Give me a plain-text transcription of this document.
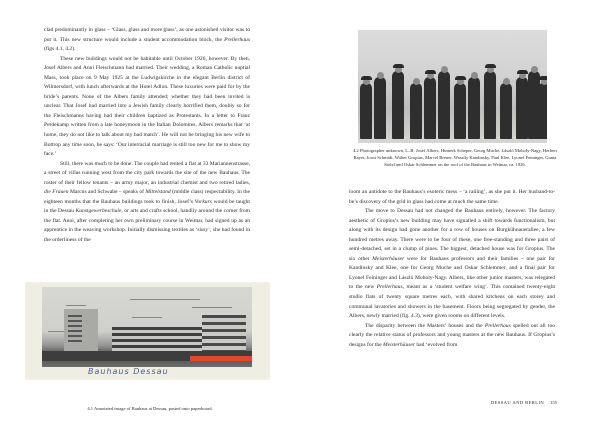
clad predominantly in glass – ‘Glass, glass and more glass’, as one astonished visitor was to put it. This new structure would include a student accommodation block, the Prellerhaus (figs 4.1, 4.2).

These new buildings would not be habitable until October 1926, however. By then, Josef Albers and Anni Fleischmann had married. Their wedding, a Roman Catholic nuptial Mass, took place on 9 May 1925 at the Ludwigskirche in the elegant Berlin district of Wilmersdorf, with lunch afterwards at the Hotel Adlon. These luxuries were paid for by the bride’s parents. None of the Albers family attended; whether they had been invited is unclear. That Josef had married into a Jewish family clearly horrified them, doubly so for the Fleischmanns having had their children baptized as Protestants. In a letter to Franz Perdekamp written from a late honeymoon in the Italian Dolomites, Albers remarks that ‘at home, they do not like to talk about my bad match’. He will not be bringing his new wife to Bottrop any time soon, he says: ‘Our interracial marriage is still too new for me to show my face.’

Still, there was much to be done. The couple had rented a flat at 33 Mariannenstrasse, a street of villas running west from the city park towards the site of the new Bauhaus. The roster of their fellow tenants – an army major, an industrial chemist and two retired ladies, die Frauen Marcus and Schwabe – speaks of Mittelstand (middle class) respectability. In the eighteen months that the Bauhaus buildings took to finish, Josef’s Vorkurs would be taught in the Dessau Kunstgewerbeschule, or arts and crafts school, handily around the corner from the flat. Anni, after completing her own preliminary course in Weimar, had signed up as an apprentice in the weaving workshop. Initially dismissing textiles as ‘sissy’, she had found in the orderliness of the

Bauhaus Dessau
4.1 Annotated image of Bauhaus at Dessau, pasted onto paperboard.
4.2 Photographer unknown, L–R: Josef Albers, Hinnerk Scheper, Georg Muche, László Moholy-Nagy, Herbert Bayer, Joost Schmidt, Walter Gropius, Marcel Breuer, Wassily Kandinsky, Paul Klee, Lyonel Feininger, Gunta Stölzl and Oskar Schlemmer on the roof of the Bauhaus in Weimar, ca. 1926.

loom an antidote to the Bauhaus’s esoteric mess – ‘a railing’, as she put it. Her husband-to-be’s discovery of the grid in glass had come at much the same time.

The move to Dessau had not changed the Bauhaus entirely, however. The factory aesthetic of Gropius’s new building may have signalled a shift towards functionalism, but along with its design had gone another for a row of houses on Burgkühnauerallee, a few hundred metres away. There were to be four of these, one free-standing and three pairs of semi-detached, set in a clump of pines. The biggest, detached house was for Gropius. The six other Meisterhäuser were for Bauhaus professors and their families – one pair for Kandinsky and Klee, one for Georg Muche and Oskar Schlemmer, and a final pair for Lyonel Feininger and László Moholy-Nagy. Albers, like other junior masters, was relegated to the new Prellerhaus, meant as a ‘student welfare wing’. This contained twenty-eight studio flats of twenty square metres each, with shared kitchens on each storey and communal lavatories and showers in the basement. Floors being segregated by gender, the Albers, newly married (fig. 4.3), were given rooms on different levels.

The disparity between the Masters’ houses and the Prellerhaus spelled out all too clearly the relative status of professors and young masters at the new Bauhaus. If Gropius’s designs for the Meisterhäuser had ‘evolved from

DESSAU AND BERLIN 155
